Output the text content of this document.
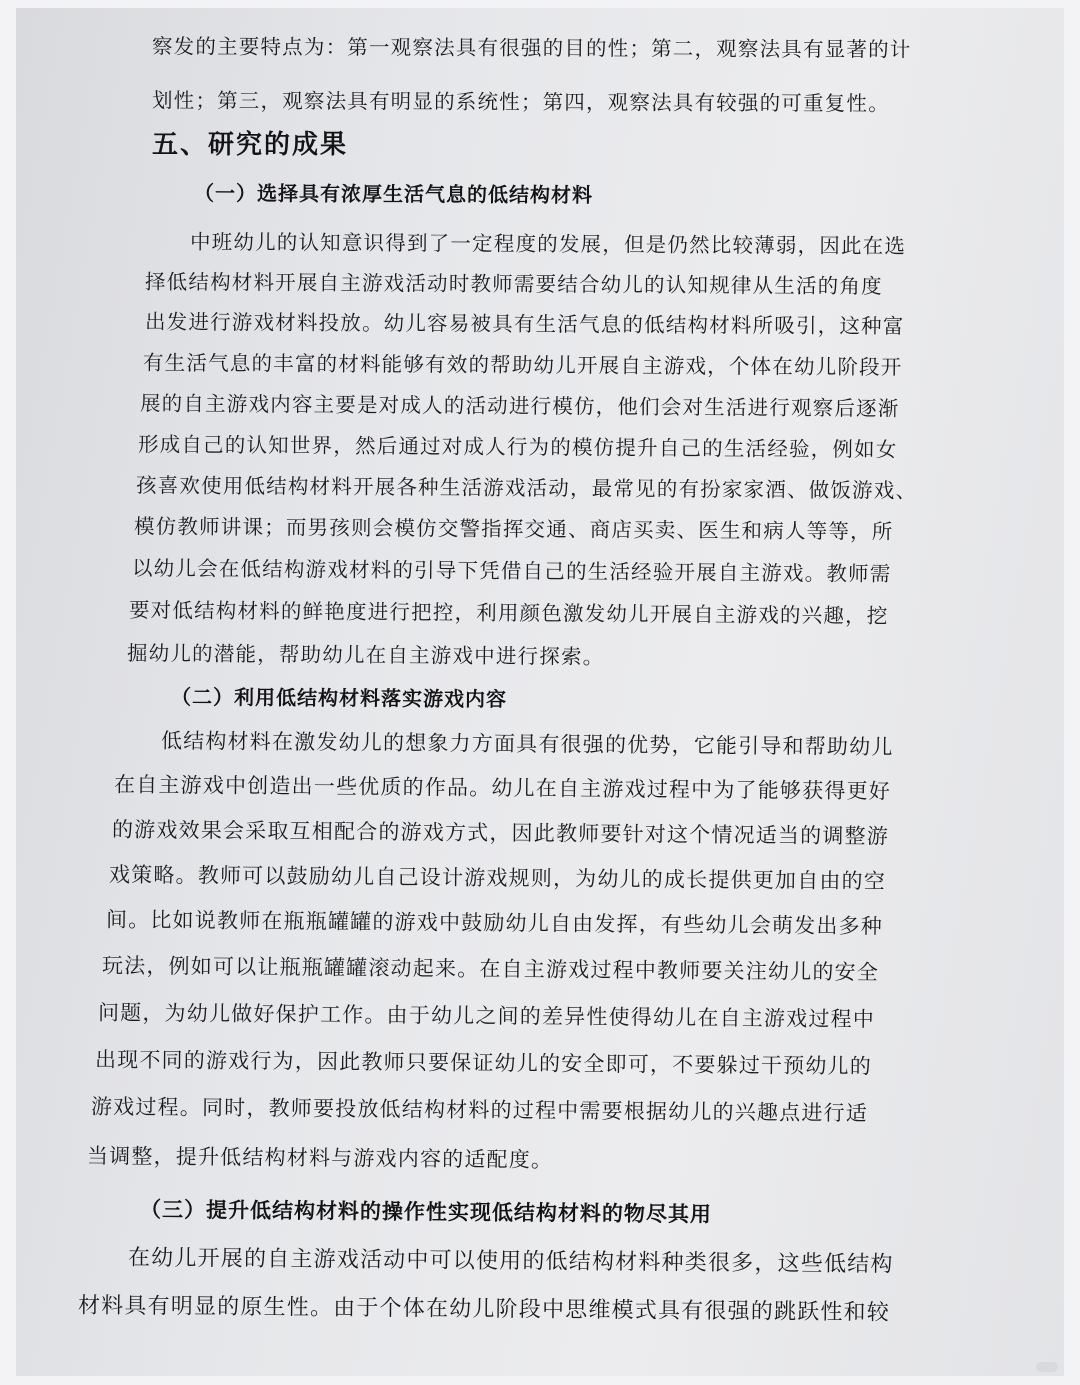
察发的主要特点为：第一观察法具有很强的目的性；第二，观察法具有显著的计

划性；第三，观察法具有明显的系统性；第四，观察法具有较强的可重复性。

五、研究的成果

（一）选择具有浓厚生活气息的低结构材料

中班幼儿的认知意识得到了一定程度的发展，但是仍然比较薄弱，因此在选

择低结构材料开展自主游戏活动时教师需要结合幼儿的认知规律从生活的角度

出发进行游戏材料投放。幼儿容易被具有生活气息的低结构材料所吸引，这种富

有生活气息的丰富的材料能够有效的帮助幼儿开展自主游戏，个体在幼儿阶段开

展的自主游戏内容主要是对成人的活动进行模仿，他们会对生活进行观察后逐渐

形成自己的认知世界，然后通过对成人行为的模仿提升自己的生活经验，例如女

孩喜欢使用低结构材料开展各种生活游戏活动，最常见的有扮家家酒、做饭游戏、

模仿教师讲课；而男孩则会模仿交警指挥交通、商店买卖、医生和病人等等，所

以幼儿会在低结构游戏材料的引导下凭借自己的生活经验开展自主游戏。教师需

要对低结构材料的鲜艳度进行把控，利用颜色激发幼儿开展自主游戏的兴趣，挖

掘幼儿的潜能，帮助幼儿在自主游戏中进行探索。

（二）利用低结构材料落实游戏内容

低结构材料在激发幼儿的想象力方面具有很强的优势，它能引导和帮助幼儿

在自主游戏中创造出一些优质的作品。幼儿在自主游戏过程中为了能够获得更好

的游戏效果会采取互相配合的游戏方式，因此教师要针对这个情况适当的调整游

戏策略。教师可以鼓励幼儿自己设计游戏规则，为幼儿的成长提供更加自由的空

间。比如说教师在瓶瓶罐罐的游戏中鼓励幼儿自由发挥，有些幼儿会萌发出多种

玩法，例如可以让瓶瓶罐罐滚动起来。在自主游戏过程中教师要关注幼儿的安全

问题，为幼儿做好保护工作。由于幼儿之间的差异性使得幼儿在自主游戏过程中

出现不同的游戏行为，因此教师只要保证幼儿的安全即可，不要躲过干预幼儿的

游戏过程。同时，教师要投放低结构材料的过程中需要根据幼儿的兴趣点进行适

当调整，提升低结构材料与游戏内容的适配度。

（三）提升低结构材料的操作性实现低结构材料的物尽其用

在幼儿开展的自主游戏活动中可以使用的低结构材料种类很多，这些低结构

材料具有明显的原生性。由于个体在幼儿阶段中思维模式具有很强的跳跃性和较
